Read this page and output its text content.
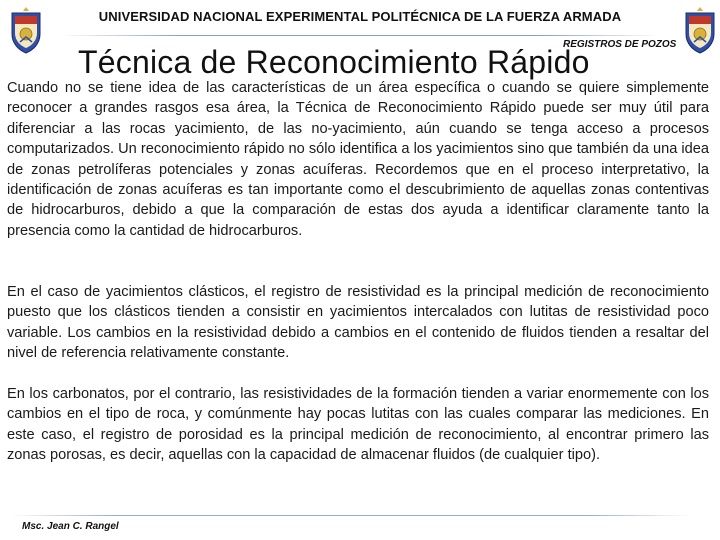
UNIVERSIDAD NACIONAL EXPERIMENTAL POLITÉCNICA DE LA FUERZA ARMADA
REGISTROS DE POZOS
Técnica de Reconocimiento Rápido

Cuando no se tiene idea de las características de un área específica o cuando se quiere simplemente reconocer a grandes rasgos esa área, la Técnica de Reconocimiento Rápido puede ser muy útil para diferenciar a las rocas yacimiento, de las no-yacimiento, aún cuando se tenga acceso a procesos computarizados. Un reconocimiento rápido no sólo identifica a los yacimientos sino que también da una idea de zonas petrolíferas potenciales y zonas acuíferas. Recordemos que en el proceso interpretativo, la identificación de zonas acuíferas es tan importante como el descubrimiento de aquellas zonas contentivas de hidrocarburos, debido a que la comparación de estas dos ayuda a identificar claramente tanto la presencia como la cantidad de hidrocarburos.

En el caso de yacimientos clásticos, el registro de resistividad es la principal medición de reconocimiento puesto que los clásticos tienden a consistir en yacimientos intercalados con lutitas de resistividad poco variable. Los cambios en la resistividad debido a cambios en el contenido de fluidos tienden a resaltar del nivel de referencia relativamente constante.

En los carbonatos, por el contrario, las resistividades de la formación tienden a variar enormemente con los cambios en el tipo de roca, y comúnmente hay pocas lutitas con las cuales comparar las mediciones. En este caso, el registro de porosidad es la principal medición de reconocimiento, al encontrar primero las zonas porosas, es decir, aquellas con la capacidad de almacenar fluidos (de cualquier tipo).

Msc. Jean C. Rangel
